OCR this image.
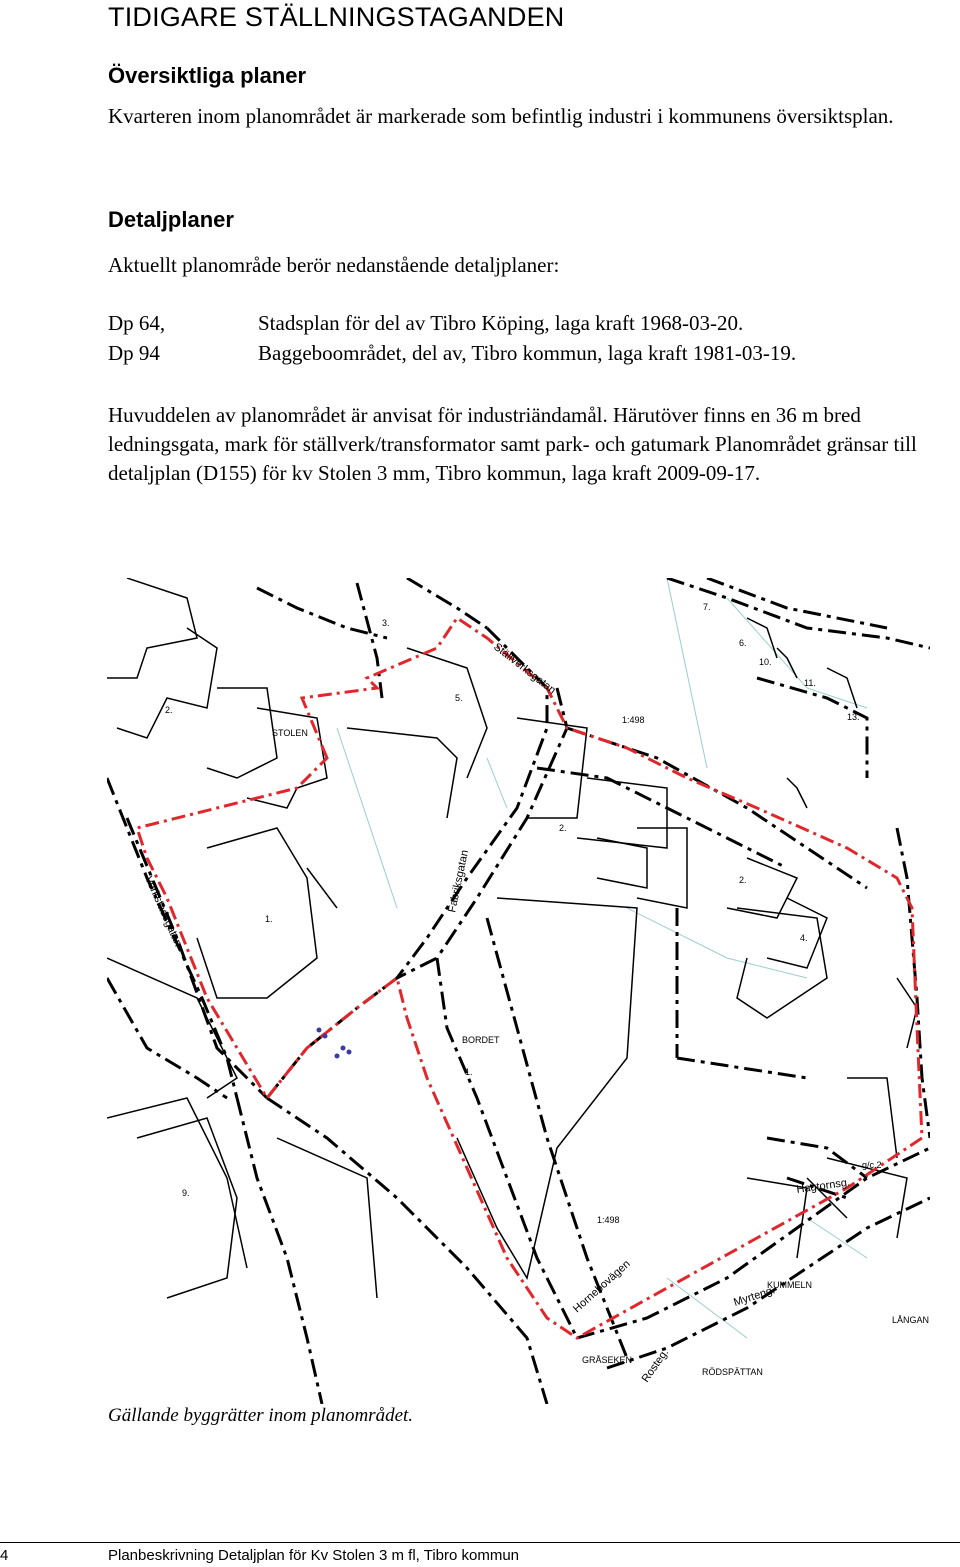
TIDIGARE STÄLLNINGSTAGANDEN
Översiktliga planer
Kvarteren inom planområdet är markerade som befintlig industri i kommunens översiktsplan.
Detaljplaner
Aktuellt planområde berör nedanstående detaljplaner:
Dp 64,	Stadsplan för del av Tibro Köping, laga kraft 1968-03-20.
Dp 94	Baggeboområdet, del av, Tibro kommun, laga kraft 1981-03-19.
Huvuddelen av planområdet är anvisat för industriändamål. Härutöver finns en 36 m bred ledningsgata, mark för ställverk/transformator samt park- och gatumark Planområdet gränsar till detaljplan (D155) för kv Stolen 3 mm, Tibro kommun, laga kraft 2009-09-17.
STOLEN
BORDET
KUMMELN
GRÅSEKEN
RÖDSPÄTTAN
LÅNGAN
1:498
1:498
g/c.2
1.
1.
2.
2.
2.
3.
4.
5.
6.
7.
9.
10.
11.
13.
Ställverksgatan
Fabriksgatan
Verkstadsgatan
Hornebovägen
Hagtornsg.
Myrteng.
Rosteg.
Gällande byggrätter inom planområdet.
4	Planbeskrivning Detaljplan för Kv Stolen 3 m fl, Tibro kommun
